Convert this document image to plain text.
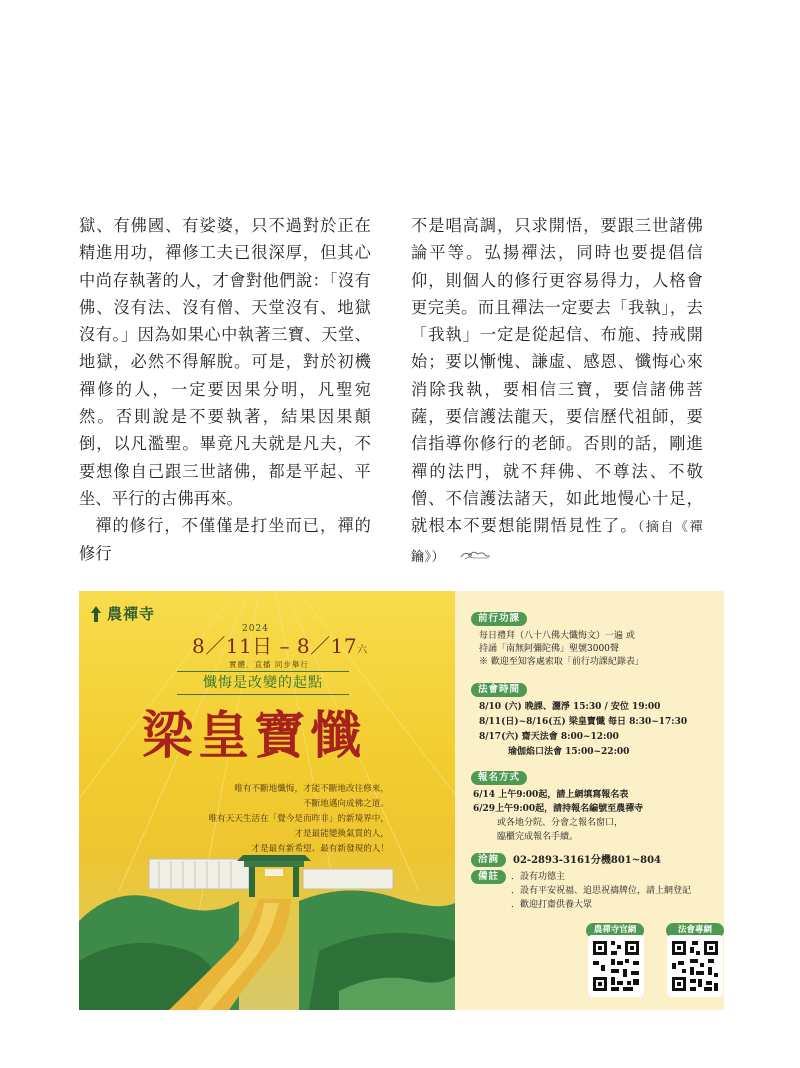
獄、有佛國、有娑婆，只不過對於正在精進用功，禪修工夫已很深厚，但其心中尚存執著的人，才會對他們說：「沒有佛、沒有法、沒有僧、天堂沒有、地獄沒有。」因為如果心中執著三寶、天堂、地獄，必然不得解脫。可是，對於初機禪修的人，一定要因果分明，凡聖宛然。否則說是不要執著，結果因果顛倒，以凡濫聖。畢竟凡夫就是凡夫，不要想像自己跟三世諸佛，都是平起、平坐、平行的古佛再來。

禪的修行，不僅僅是打坐而已，禪的修行

不是唱高調，只求開悟，要跟三世諸佛論平等。弘揚禪法，同時也要提倡信仰，則個人的修行更容易得力，人格會更完美。而且禪法一定要去「我執」，去「我執」一定是從起信、布施、持戒開始；要以慚愧、謙虛、感恩、懺悔心來消除我執，要相信三寶，要信諸佛菩薩，要信護法龍天，要信歷代祖師，要信指導你修行的老師。否則的話，剛進禪的法門，就不拜佛、不尊法、不敬僧、不信護法諸天，如此地慢心十足，就根本不要想能開悟見性了。（摘自《禪鑰》）

農禪寺
2024
8／11日 – 8／17六
實體．直播 同步舉行
懺悔是改變的起點
梁皇寶懺
唯有不斷地懺悔，才能不斷地改往修來，
不斷地邁向成佛之道。
唯有天天生活在「覺今是而昨非」的新境界中，
才是最能變換氣質的人，
才是最有新希望、最有新發現的人！
前行功課
每日禮拜（八十八佛大懺悔文）一遍 或
持誦「南無阿彌陀佛」聖號3000聲
※ 歡迎至知客處索取「前行功課紀錄表」
法會時間
8/10 (六) 晚課、灑淨 15:30 / 安位 19:00
8/11(日)~8/16(五) 梁皇寶懺 每日 8:30~17:30
8/17(六) 齋天法會 8:00~12:00
瑜伽焰口法會 15:00~22:00
報名方式
6/14 上午9:00起，請上網填寫報名表
6/29上午9:00起，請持報名編號至農禪寺
或各地分院、分會之報名窗口，
臨櫃完成報名手續。
洽詢	02-2893-3161分機801~804
備註	．設有功德主
．設有平安祝福、追思祝禱牌位，請上網登記
．歡迎打齋供養大眾
農禪寺官網	法會專網
